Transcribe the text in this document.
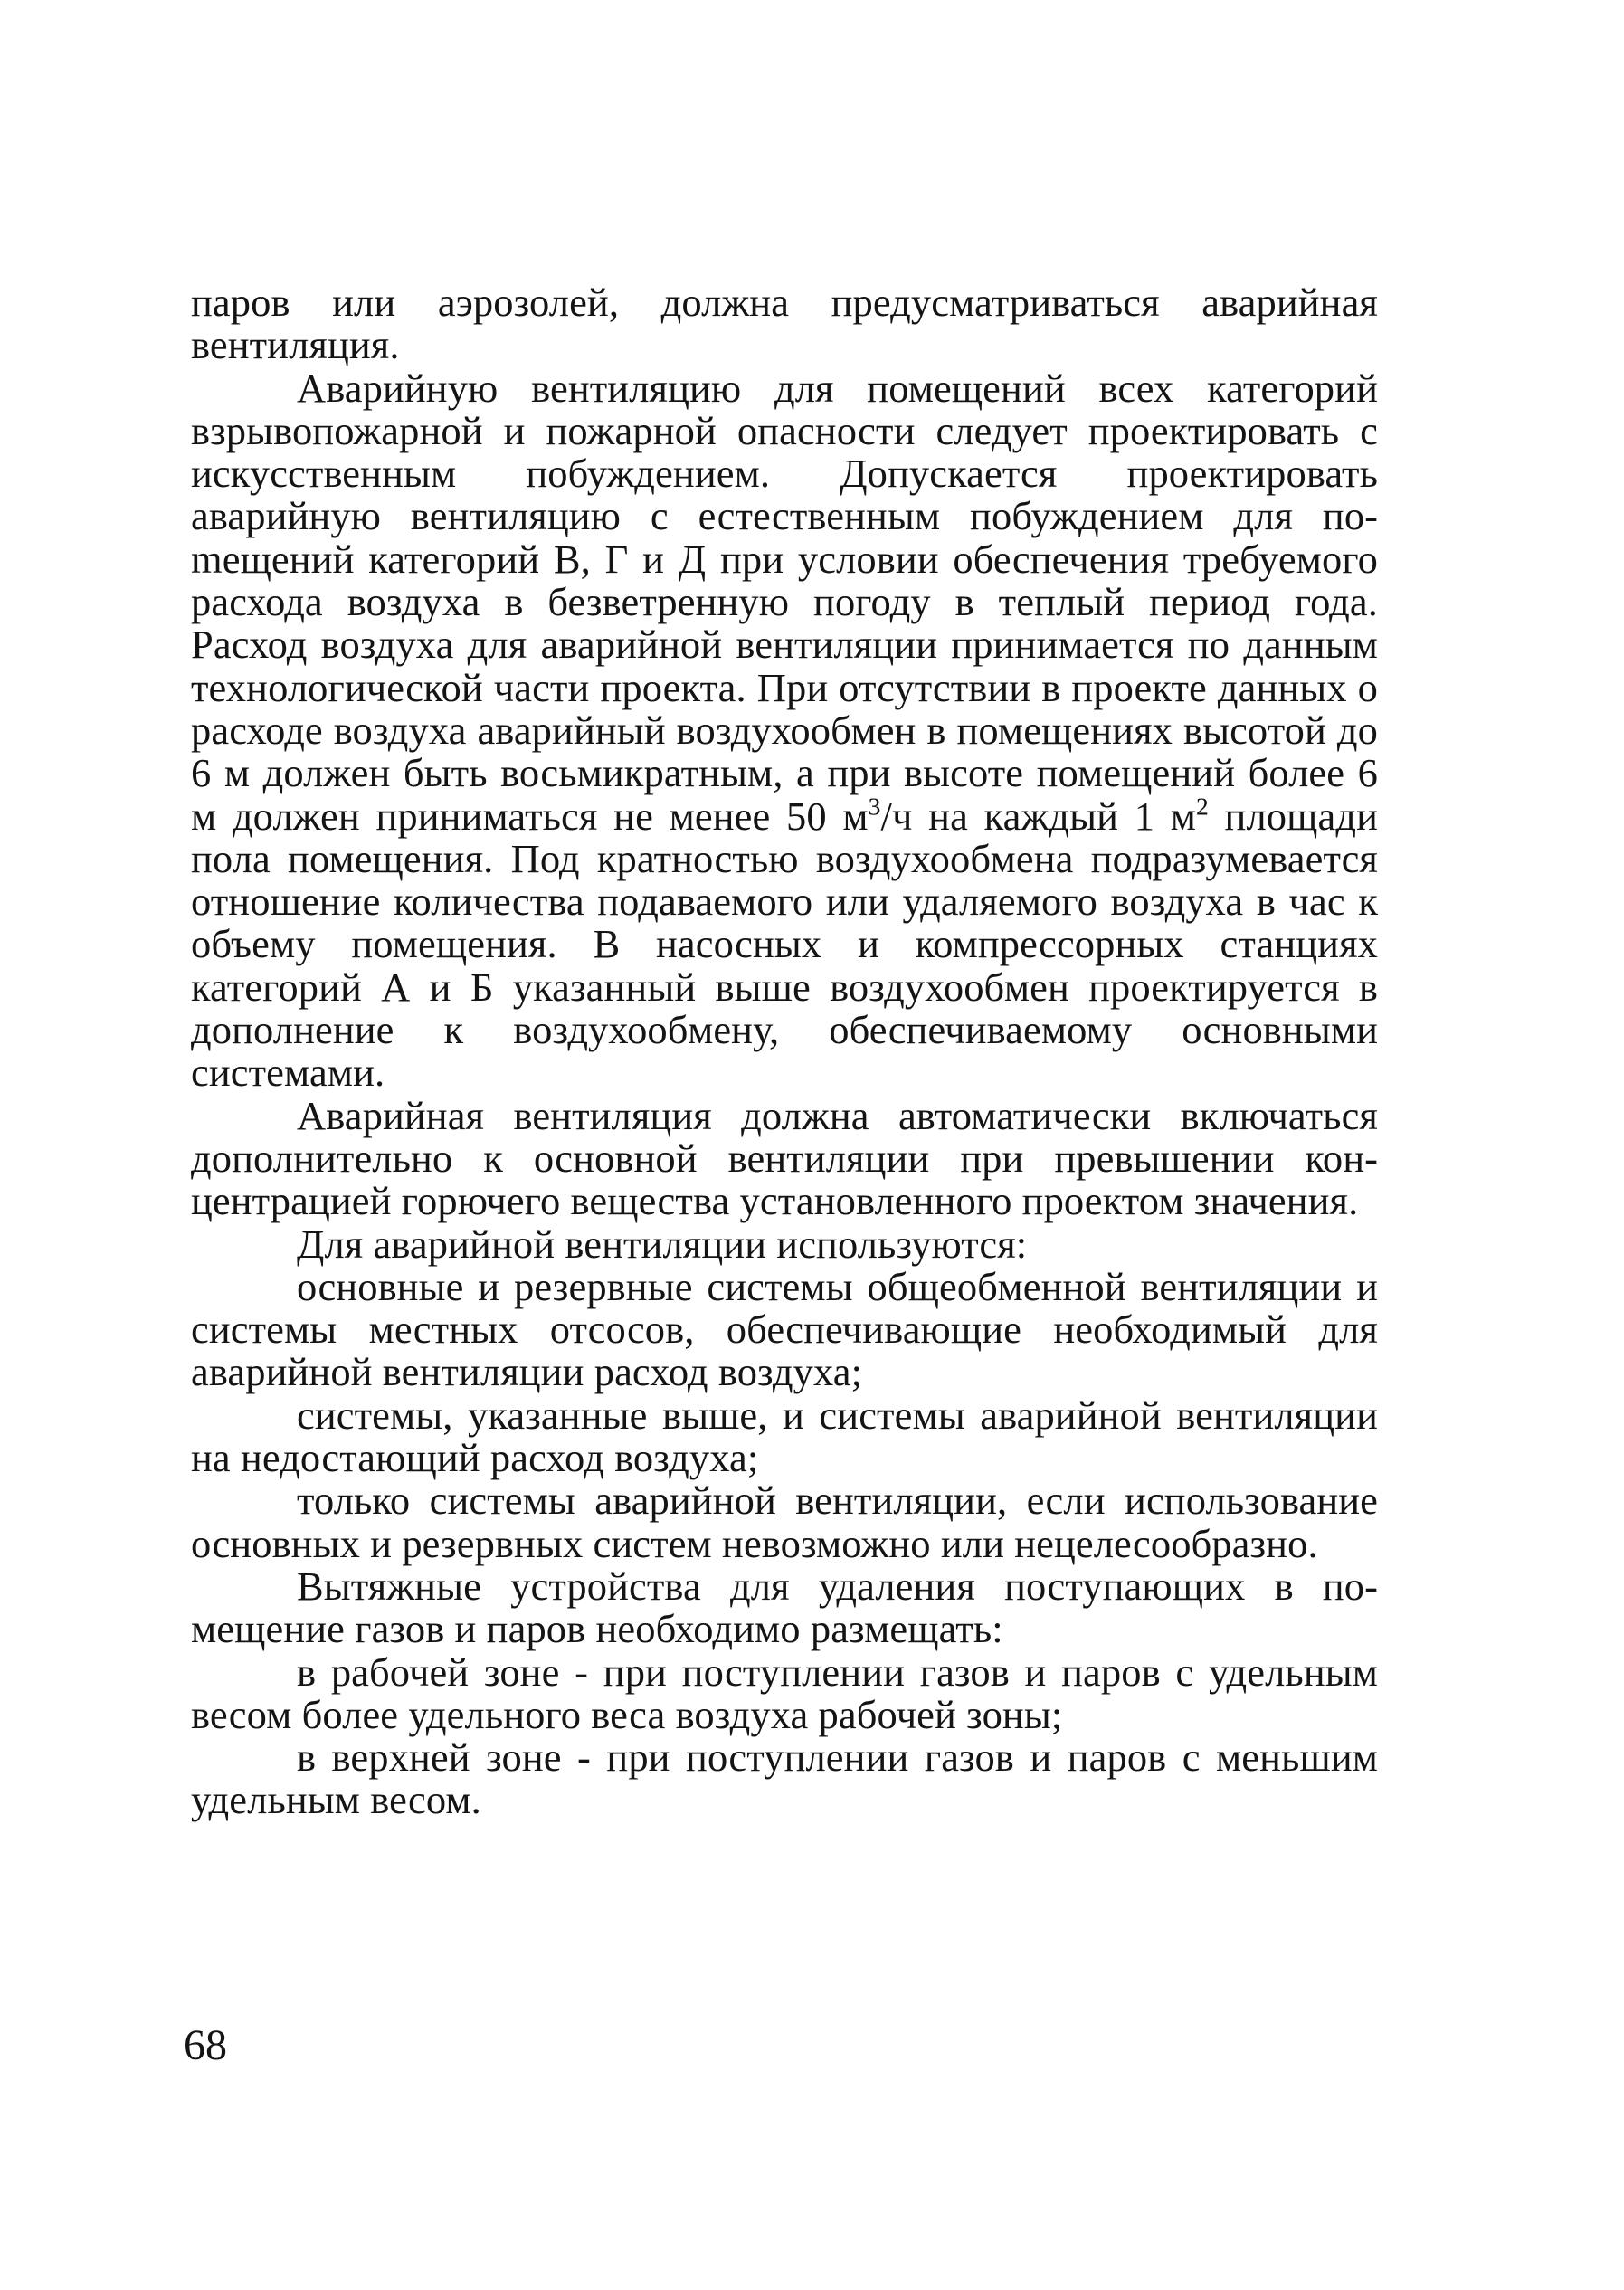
паров или аэрозолей, должна предусматриваться аварийная вентиляция.

Аварийную вентиляцию для помещений всех категорий взрывопожарной и пожарной опасности следует проектировать с искусственным побуждением. Допускается проектировать аварийную вентиляцию с естественным побуждением для поmещений категорий В, Г и Д при условии обеспечения требуемого расхода воздуха в безветренную погоду в теплый период года. Расход воздуха для аварийной вентиляции принимается по данным технологической части проекта. При отсутствии в проекте данных о расходе воздуха аварийный воздухообмен в помещениях высотой до 6 м должен быть восьмикратным, а при высоте помещений более 6 м должен приниматься не менее 50 $м^3/ч$ на каждый 1 $м^2$ площади пола помещения. Под кратностью воздухообмена подразумевается отношение количества подаваемого или удаляемого воздуха в час к объему помещения. В насосных и компрессорных станциях категорий А и Б указанный выше воздухообмен проектируется в дополнение к воздухообмену, обеспечиваемому основными системами.

Аварийная вентиляция должна автоматически включаться дополнительно к основной вентиляции при превышении концентрацией горючего вещества установленного проектом значения.

Для аварийной вентиляции используются:

основные и резервные системы общеобменной вентиляции и системы местных отсосов, обеспечивающие необходимый для аварийной вентиляции расход воздуха;

системы, указанные выше, и системы аварийной вентиляции на недостающий расход воздуха;

только системы аварийной вентиляции, если использование основных и резервных систем невозможно или нецелесообразно.

Вытяжные устройства для удаления поступающих в помещение газов и паров необходимо размещать:

в рабочей зоне - при поступлении газов и паров с удельным весом более удельного веса воздуха рабочей зоны;

в верхней зоне - при поступлении газов и паров с меньшим удельным весом.

68
